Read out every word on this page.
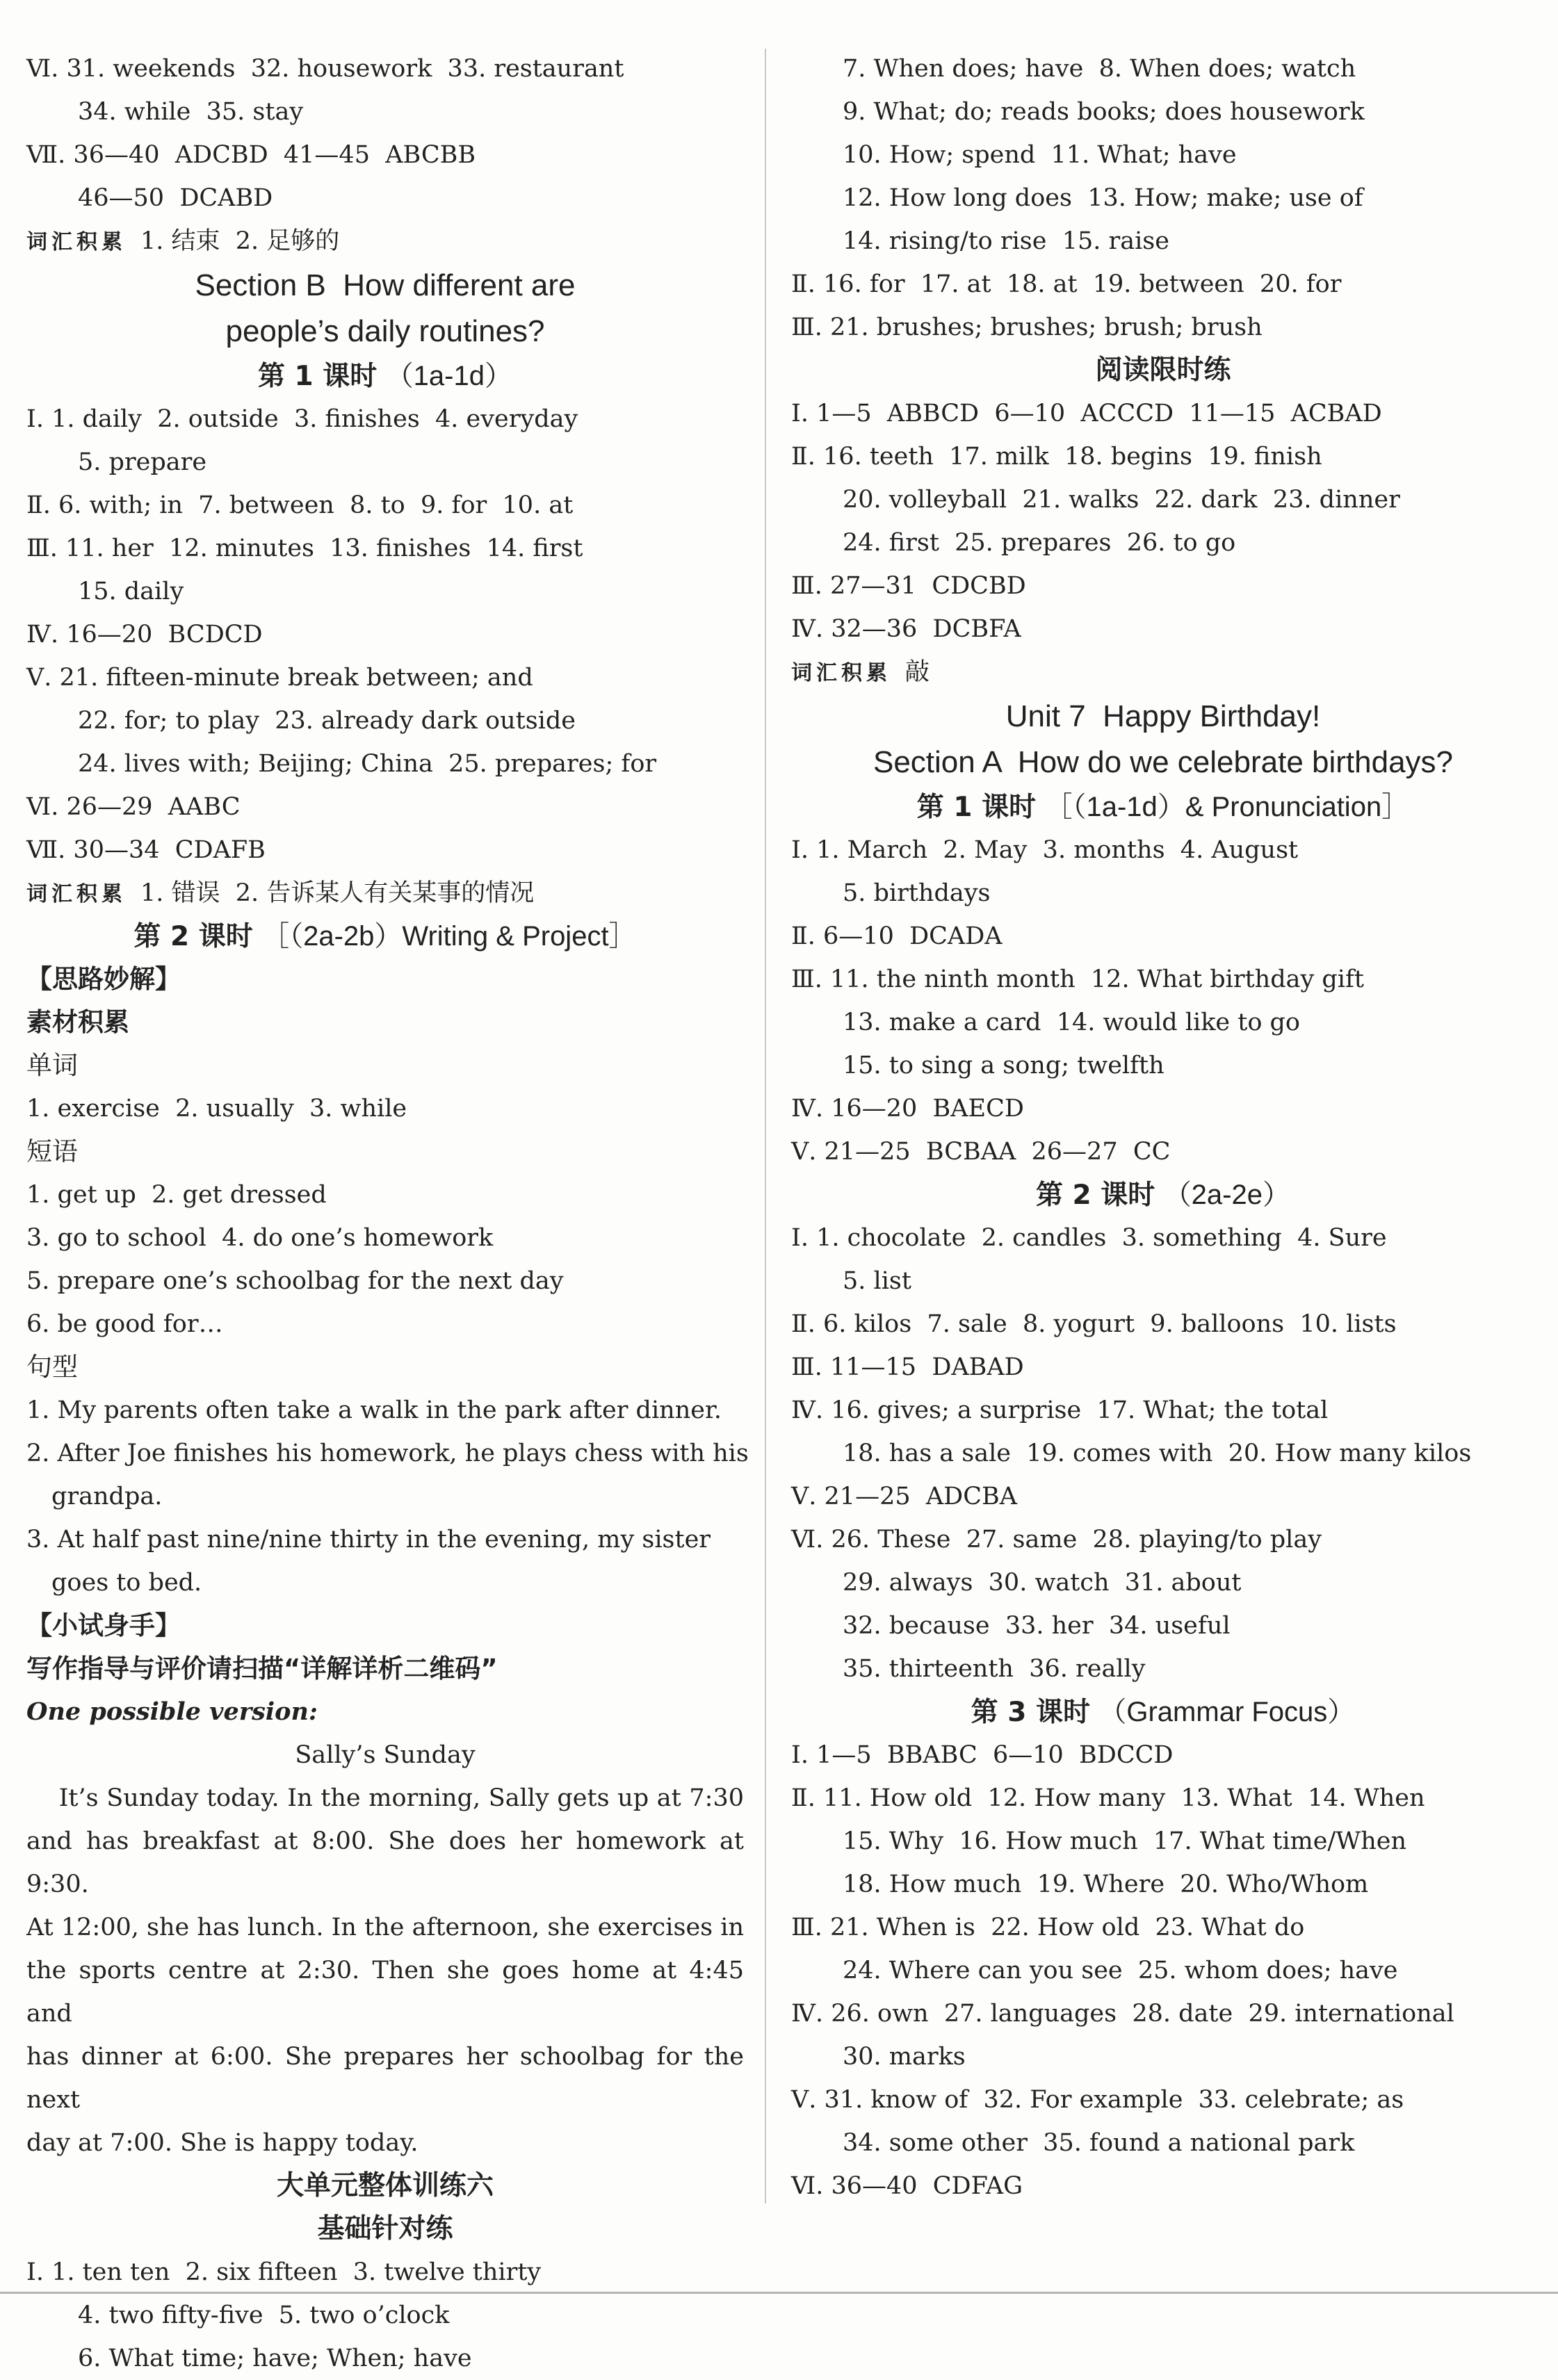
Ⅵ. 31. weekends  32. housework  33. restaurant
34. while  35. stay
Ⅶ. 36—40  ADCBD  41—45  ABCBB
46—50  DCABD
词汇积累 1. 结束  2. 足够的
Section B  How different are
people’s daily routines?
第 1 课时 （1a-1d）
Ⅰ. 1. daily  2. outside  3. finishes  4. everyday
5. prepare
Ⅱ. 6. with; in  7. between  8. to  9. for  10. at
Ⅲ. 11. her  12. minutes  13. finishes  14. first
15. daily
Ⅳ. 16—20  BCDCD
Ⅴ. 21. fifteen-minute break between; and
22. for; to play  23. already dark outside
24. lives with; Beijing; China  25. prepares; for
Ⅵ. 26—29  AABC
Ⅶ. 30—34  CDAFB
词汇积累 1. 错误  2. 告诉某人有关某事的情况
第 2 课时 ［（2a-2b）Writing & Project］
【思路妙解】
素材积累
单词
1. exercise  2. usually  3. while
短语
1. get up  2. get dressed
3. go to school  4. do one’s homework
5. prepare one’s schoolbag for the next day
6. be good for…
句型
1. My parents often take a walk in the park after dinner.
2. After Joe finishes his homework, he plays chess with his
grandpa.
3. At half past nine/nine thirty in the evening, my sister
goes to bed.
【小试身手】
写作指导与评价请扫描“详解详析二维码”
One possible version:
Sally’s Sunday
It’s Sunday today. In the morning, Sally gets up at 7:30
and has breakfast at 8:00. She does her homework at 9:30.
At 12:00, she has lunch. In the afternoon, she exercises in
the sports centre at 2:30. Then she goes home at 4:45 and
has dinner at 6:00. She prepares her schoolbag for the next
day at 7:00. She is happy today.
大单元整体训练六
基础针对练
Ⅰ. 1. ten ten  2. six fifteen  3. twelve thirty
4. two fifty-five  5. two o’clock
6. What time; have; When; have
7. When does; have  8. When does; watch
9. What; do; reads books; does housework
10. How; spend  11. What; have
12. How long does  13. How; make; use of
14. rising/to rise  15. raise
Ⅱ. 16. for  17. at  18. at  19. between  20. for
Ⅲ. 21. brushes; brushes; brush; brush
阅读限时练
Ⅰ. 1—5  ABBCD  6—10  ACCCD  11—15  ACBAD
Ⅱ. 16. teeth  17. milk  18. begins  19. finish
20. volleyball  21. walks  22. dark  23. dinner
24. first  25. prepares  26. to go
Ⅲ. 27—31  CDCBD
Ⅳ. 32—36  DCBFA
词汇积累 敲
Unit 7  Happy Birthday!
Section A  How do we celebrate birthdays?
第 1 课时 ［（1a-1d）& Pronunciation］
Ⅰ. 1. March  2. May  3. months  4. August
5. birthdays
Ⅱ. 6—10  DCADA
Ⅲ. 11. the ninth month  12. What birthday gift
13. make a card  14. would like to go
15. to sing a song; twelfth
Ⅳ. 16—20  BAECD
Ⅴ. 21—25  BCBAA  26—27  CC
第 2 课时 （2a-2e）
Ⅰ. 1. chocolate  2. candles  3. something  4. Sure
5. list
Ⅱ. 6. kilos  7. sale  8. yogurt  9. balloons  10. lists
Ⅲ. 11—15  DABAD
Ⅳ. 16. gives; a surprise  17. What; the total
18. has a sale  19. comes with  20. How many kilos
Ⅴ. 21—25  ADCBA
Ⅵ. 26. These  27. same  28. playing/to play
29. always  30. watch  31. about
32. because  33. her  34. useful
35. thirteenth  36. really
第 3 课时 （Grammar Focus）
Ⅰ. 1—5  BBABC  6—10  BDCCD
Ⅱ. 11. How old  12. How many  13. What  14. When
15. Why  16. How much  17. What time/When
18. How much  19. Where  20. Who/Whom
Ⅲ. 21. When is  22. How old  23. What do
24. Where can you see  25. whom does; have
Ⅳ. 26. own  27. languages  28. date  29. international
30. marks
Ⅴ. 31. know of  32. For example  33. celebrate; as
34. some other  35. found a national park
Ⅵ. 36—40  CDFAG
